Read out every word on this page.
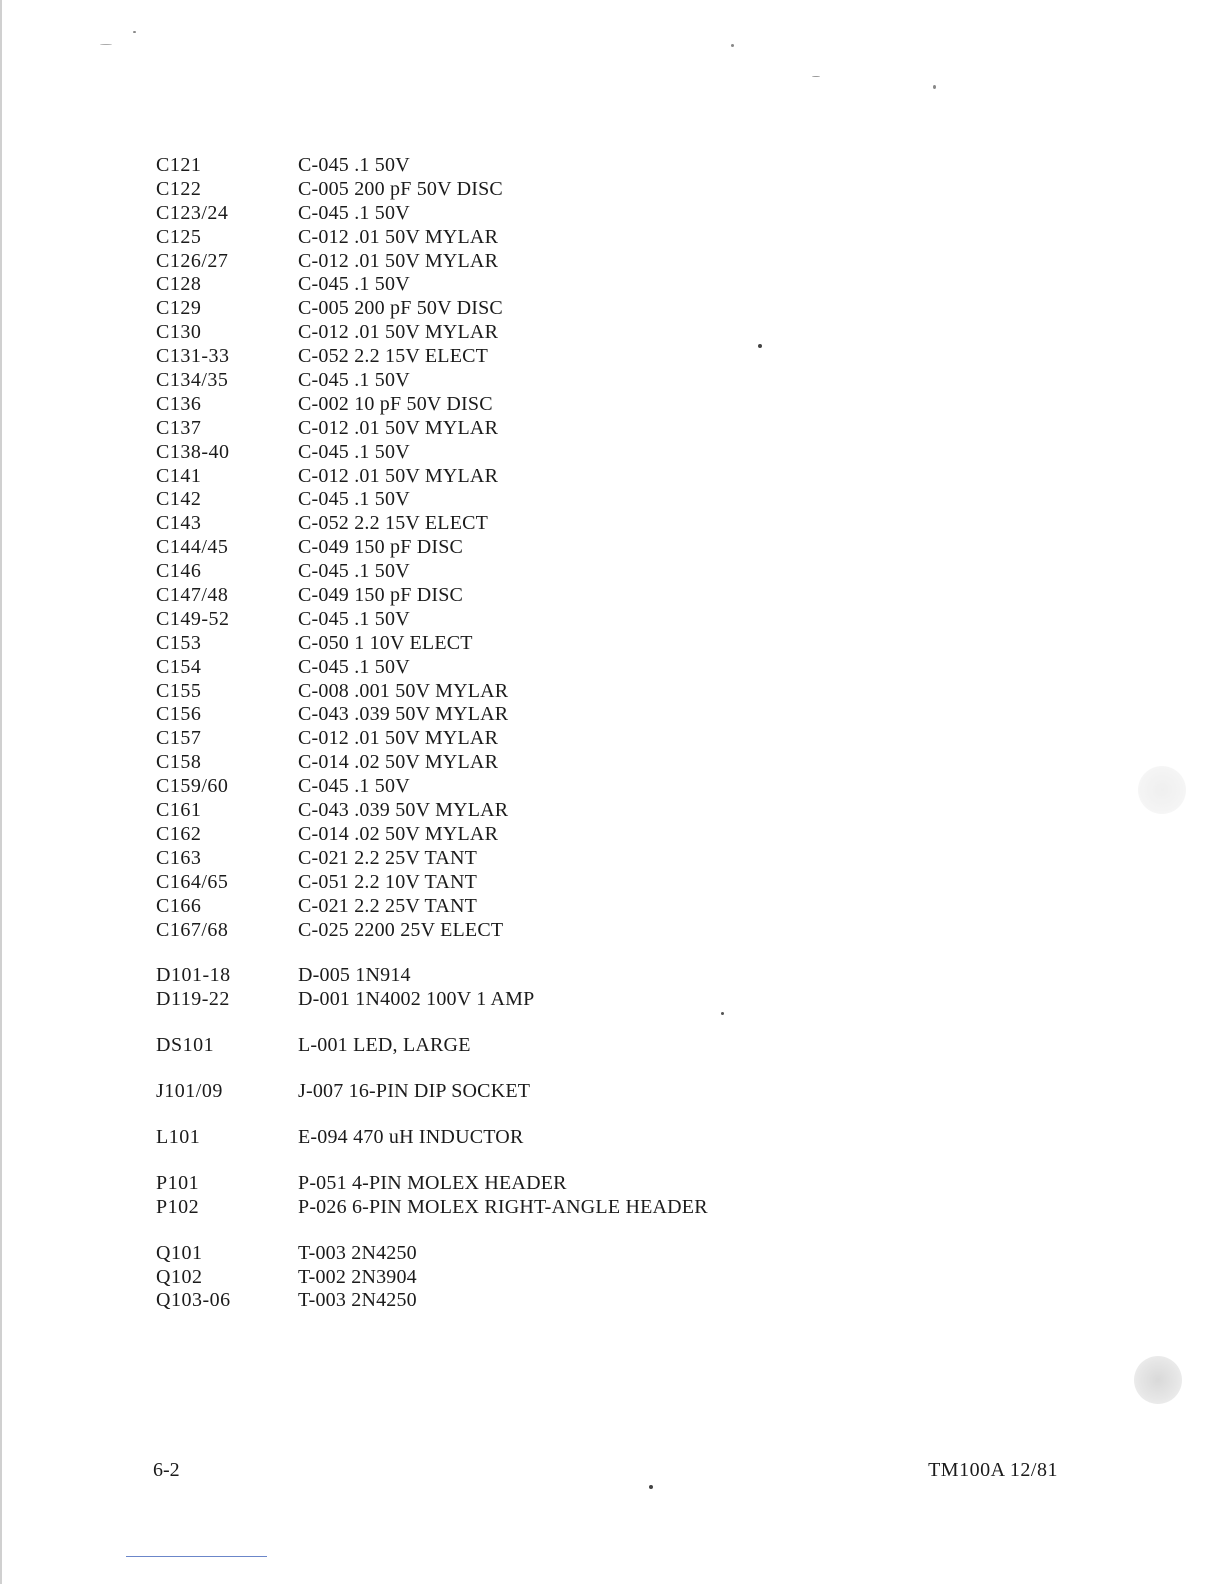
C121	C-045 .1 50V
C122	C-005 200 pF 50V DISC
C123/24	C-045 .1 50V
C125	C-012 .01 50V MYLAR
C126/27	C-012 .01 50V MYLAR
C128	C-045 .1 50V
C129	C-005 200 pF 50V DISC
C130	C-012 .01 50V MYLAR
C131-33	C-052 2.2 15V ELECT
C134/35	C-045 .1 50V
C136	C-002 10 pF 50V DISC
C137	C-012 .01 50V MYLAR
C138-40	C-045 .1 50V
C141	C-012 .01 50V MYLAR
C142	C-045 .1 50V
C143	C-052 2.2 15V ELECT
C144/45	C-049 150 pF DISC
C146	C-045 .1 50V
C147/48	C-049 150 pF DISC
C149-52	C-045 .1 50V
C153	C-050 1 10V ELECT
C154	C-045 .1 50V
C155	C-008 .001 50V MYLAR
C156	C-043 .039 50V MYLAR
C157	C-012 .01 50V MYLAR
C158	C-014 .02 50V MYLAR
C159/60	C-045 .1 50V
C161	C-043 .039 50V MYLAR
C162	C-014 .02 50V MYLAR
C163	C-021 2.2 25V TANT
C164/65	C-051 2.2 10V TANT
C166	C-021 2.2 25V TANT
C167/68	C-025 2200 25V ELECT
D101-18	D-005 1N914
D119-22	D-001 1N4002 100V 1 AMP
DS101	L-001 LED, LARGE
J101/09	J-007 16-PIN DIP SOCKET
L101	E-094 470 uH INDUCTOR
P101	P-051 4-PIN MOLEX HEADER
P102	P-026 6-PIN MOLEX RIGHT-ANGLE HEADER
Q101	T-003 2N4250
Q102	T-002 2N3904
Q103-06	T-003 2N4250
6-2	TM100A 12/81
